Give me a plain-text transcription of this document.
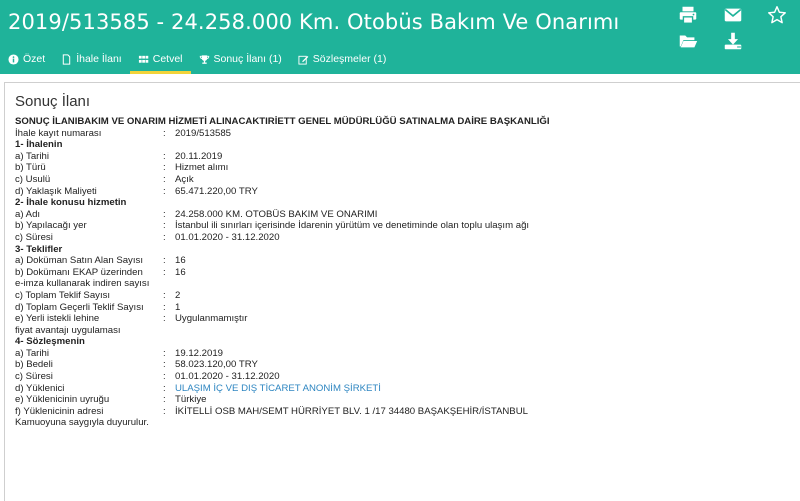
2019/513585 - 24.258.000 Km. Otobüs Bakım Ve Onarımı
Özet	İhale İlanı	Cetvel	Sonuç İlanı (1)	Sözleşmeler (1)
Sonuç İlanı
SONUÇ İLANIBAKIM VE ONARIM HİZMETİ ALINACAKTIRİETT GENEL MÜDÜRLÜĞÜ SATINALMA DAİRE BAŞKANLIĞI
İhale kayıt numarası	: 2019/513585
1- İhalenin
a) Tarihi	: 20.11.2019
b) Türü	: Hizmet alımı
c) Usulü	: Açık
d) Yaklaşık Maliyeti	: 65.471.220,00 TRY
2- İhale konusu hizmetin
a) Adı	: 24.258.000 KM. OTOBÜS BAKIM VE ONARIMI
b) Yapılacağı yer	: İstanbul ili sınırları içerisinde İdarenin yürütüm ve denetiminde olan toplu ulaşım ağı
c) Süresi	: 01.01.2020 - 31.12.2020
3- Teklifler
a) Doküman Satın Alan Sayısı	: 16
b) Dokümanı EKAP üzerinden	: 16
e-imza kullanarak indiren sayısı
c) Toplam Teklif Sayısı	: 2
d) Toplam Geçerli Teklif Sayısı	: 1
e) Yerli istekli lehine	: Uygulanmamıştır
fiyat avantajı uygulaması
4- Sözleşmenin
a) Tarihi	: 19.12.2019
b) Bedeli	: 58.023.120,00 TRY
c) Süresi	: 01.01.2020 - 31.12.2020
d) Yüklenici	: ULAŞIM İÇ VE DIŞ TİCARET ANONİM ŞİRKETİ
e) Yüklenicinin uyruğu	: Türkiye
f) Yüklenicinin adresi	: İKİTELLİ OSB MAH/SEMT HÜRRİYET BLV. 1 /17 34480 BAŞAKŞEHİR/İSTANBUL
Kamuoyuna saygıyla duyurulur.
